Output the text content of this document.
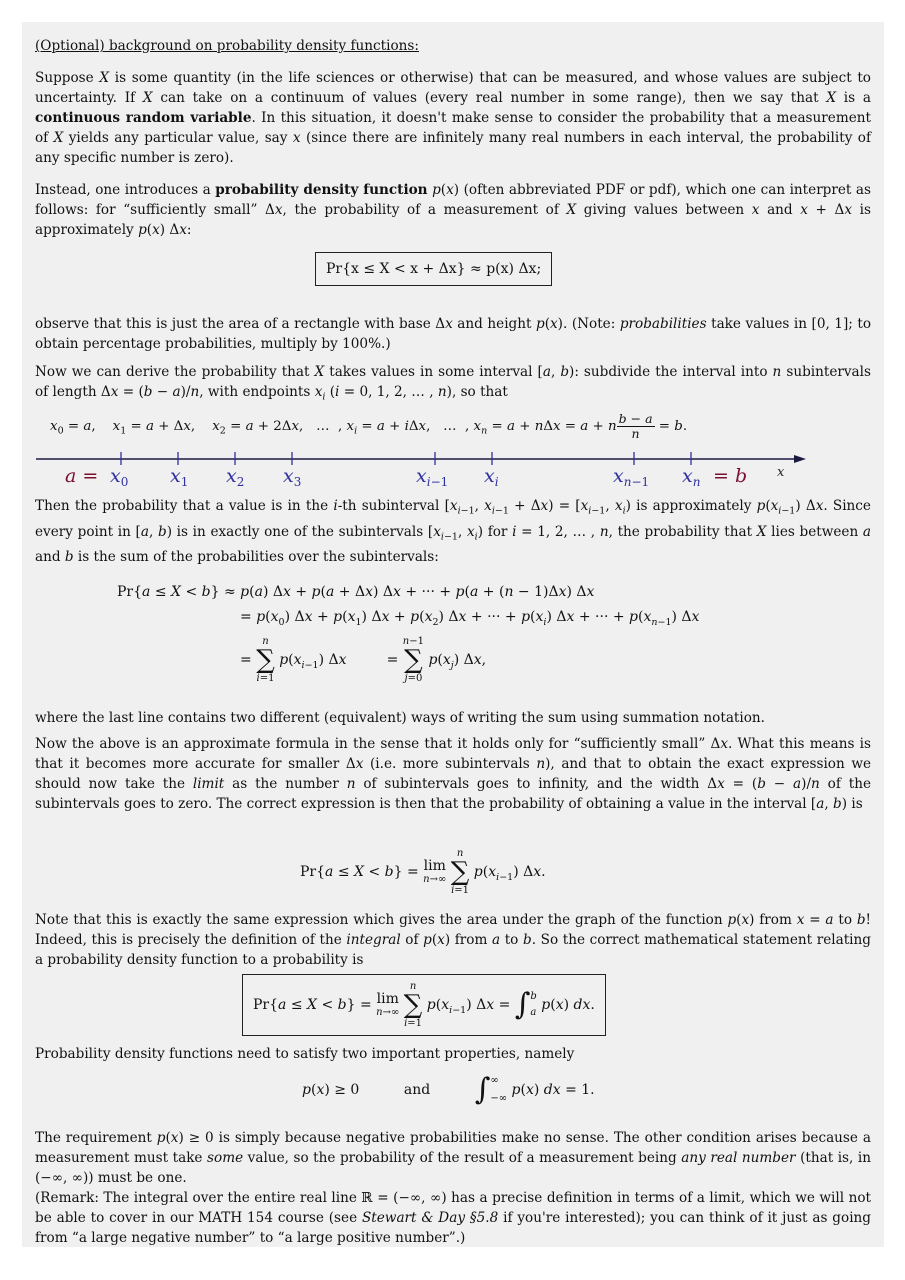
(Optional) background on probability density functions:
Suppose X is some quantity (in the life sciences or otherwise) that can be measured, and whose values are subject to uncertainty. If X can take on a continuum of values (every real number in some range), then we say that X is a continuous random variable. In this situation, it doesn't make sense to consider the probability that a measurement of X yields any particular value, say x (since there are infinitely many real numbers in each interval, the probability of any specific number is zero).
Instead, one introduces a probability density function p(x) (often abbreviated PDF or pdf), which one can interpret as follows: for “sufficiently small” Δx, the probability of a measurement of X giving values between x and x + Δx is approximately p(x) Δx:
Pr{x ≤ X < x + Δx} ≈ p(x) Δx;
observe that this is just the area of a rectangle with base Δx and height p(x). (Note: probabilities take values in [0, 1]; to obtain percentage probabilities, multiply by 100%.)
Now we can derive the probability that X takes values in some interval [a, b): subdivide the interval into n subintervals of length Δx = (b − a)/n, with endpoints $x_i$ (i = 0, 1, 2, … , n), so that
$x_0 = a$,    $x_1 = a + \Delta x$,    $x_2 = a + 2\Delta x$,   …  , $x_i = a + i\Delta x$,   …  , $x_n = a + n\Delta x = a + n \frac{b - a}{n} = b$.
$a = x_0$ $x_1$ $x_2$ $x_3$	$x_i-1$ $x_i$	$x_n-1$ $x_n = b$ x
Then the probability that a value is in the i-th subinterval [$x_{i-1}$, $x_{i-1} + \Delta x) = [x_{i-1}$, $x_i$) is approximately $p(x_{i-1})$ Δx. Since every point in [a, b) is in exactly one of the subintervals [$x_{i-1}$, $x_i$) for i = 1, 2, … , n, the probability that X lies between a and b is the sum of the probabilities over the subintervals:
Pr{a ≤ X < b} ≈ p(a) Δx + p(a + Δx) Δx + ··· + p(a + (n − 1)Δx) Δx
= $p(x_0) \Delta x + p(x_1) \Delta x + p(x_2) \Delta x$ + ··· + $p(x_i) \Delta x$ + ··· + $p(x_{n-1})$ Δx
= n
∑
i=1 $p(x_{i-1})$ Δx         = n−1
∑
j=0 $p(x_j)$ Δx,
where the last line contains two different (equivalent) ways of writing the sum using summation notation.
Now the above is an approximate formula in the sense that it holds only for “sufficiently small” Δx. What this means is that it becomes more accurate for smaller Δx (i.e. more subintervals n), and that to obtain the exact expression we should now take the limit as the number n of subintervals goes to infinity, and the width Δx = (b − a)/n of the subintervals goes to zero. The correct expression is then that the probability of obtaining a value in the interval [a, b) is
Pr{a ≤ X < b} = lim
n→∞
n
∑
i=1 $p(x_{i-1})$ Δx.
Note that this is exactly the same expression which gives the area under the graph of the function p(x) from x = a to b! Indeed, this is precisely the definition of the integral of p(x) from a to b. So the correct mathematical statement relating a probability density function to a probability is
Pr{a ≤ X < b} = lim
n→∞
n
∑
i=1 $p(x_{i-1}) \Delta x$ = ∫ b
a p(x) dx.
Probability density functions need to satisfy two important properties, namely
p(x) ≥ 0          and ∫ ∞
−∞
p(x) dx = 1.
The requirement p(x) ≥ 0 is simply because negative probabilities make no sense. The other condition arises because a measurement must take some value, so the probability of the result of a measurement being any real number (that is, in (−∞, ∞)) must be one.
(Remark: The integral over the entire real line ℝ = (−∞, ∞) has a precise definition in terms of a limit, which we will not be able to cover in our MATH 154 course (see Stewart & Day §5.8 if you're interested); you can think of it just as going from “a large negative number” to “a large positive number”.)
